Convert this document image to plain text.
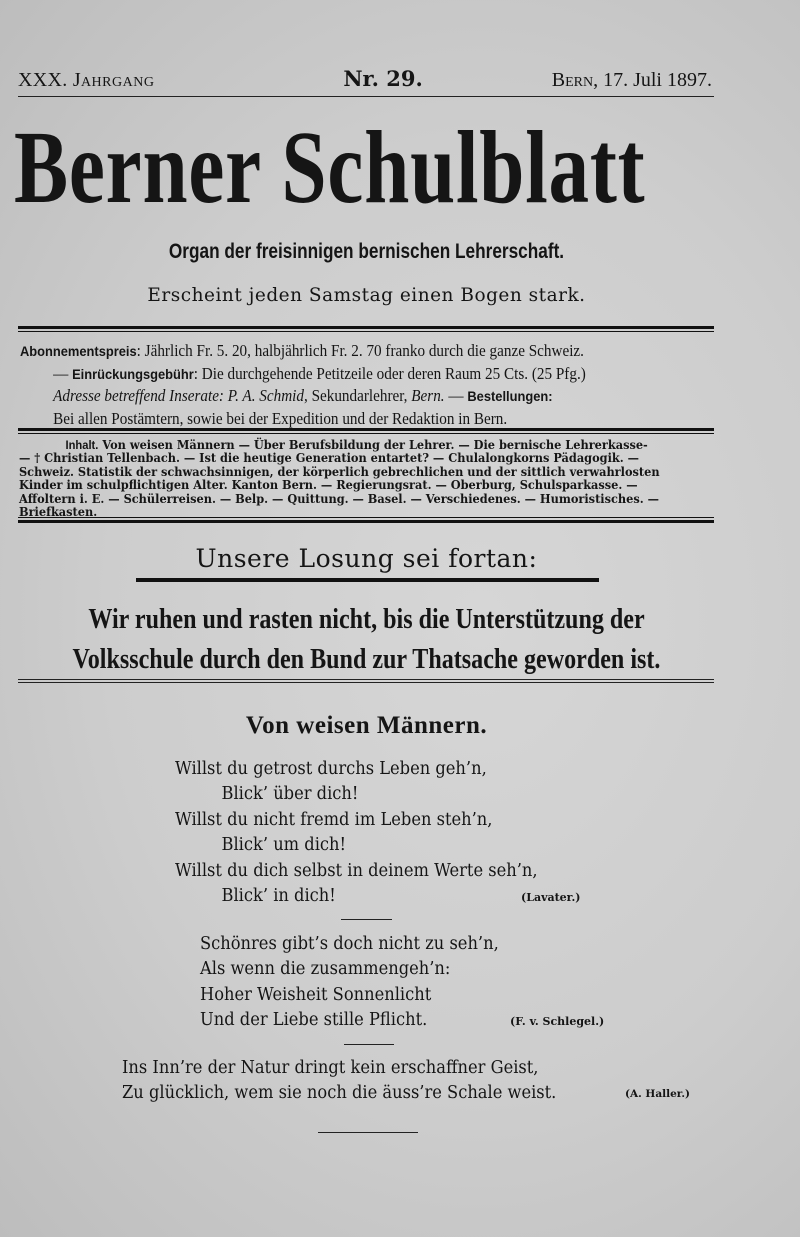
XXX. JAHRGANG	Nr. 29.	BERN, 17. Juli 1897.
Berner Schulblatt
Organ der freisinnigen bernischen Lehrerschaft.
Erscheint jeden Samstag einen Bogen stark.
Abonnementspreis: Jährlich Fr. 5. 20, halbjährlich Fr. 2. 70 franko durch die ganze Schweiz.
— Einrückungsgebühr: Die durchgehende Petitzeile oder deren Raum 25 Cts. (25 Pfg.)
Adresse betreffend Inserate: P. A. Schmid, Sekundarlehrer, Bern. — Bestellungen:
Bei allen Postämtern, sowie bei der Expedition und der Redaktion in Bern.
Inhalt. Von weisen Männern — Über Berufsbildung der Lehrer. — Die bernische Lehrerkasse-
— † Christian Tellenbach. — Ist die heutige Generation entartet? — Chulalongkorns Pädagogik. —
Schweiz. Statistik der schwachsinnigen, der körperlich gebrechlichen und der sittlich verwahrlosten
Kinder im schulpflichtigen Alter. Kanton Bern. — Regierungsrat. — Oberburg, Schulsparkasse. —
Affoltern i. E. — Schülerreisen. — Belp. — Quittung. — Basel. — Verschiedenes. — Humoristisches. —
Briefkasten.
Unsere Losung sei fortan:
Wir ruhen und rasten nicht, bis die Unterstützung der
Volksschule durch den Bund zur Thatsache geworden ist.
Von weisen Männern.
Willst du getrost durchs Leben geh’n,
Blick’ über dich!
Willst du nicht fremd im Leben steh’n,
Blick’ um dich!
Willst du dich selbst in deinem Werte seh’n,
Blick’ in dich!	(Lavater.)
Schönres gibt’s doch nicht zu seh’n,
Als wenn die zusammengeh’n:
Hoher Weisheit Sonnenlicht
Und der Liebe stille Pflicht.	(F. v. Schlegel.)
Ins Inn’re der Natur dringt kein erschaffner Geist,
Zu glücklich, wem sie noch die äuss’re Schale weist.	(A. Haller.)
